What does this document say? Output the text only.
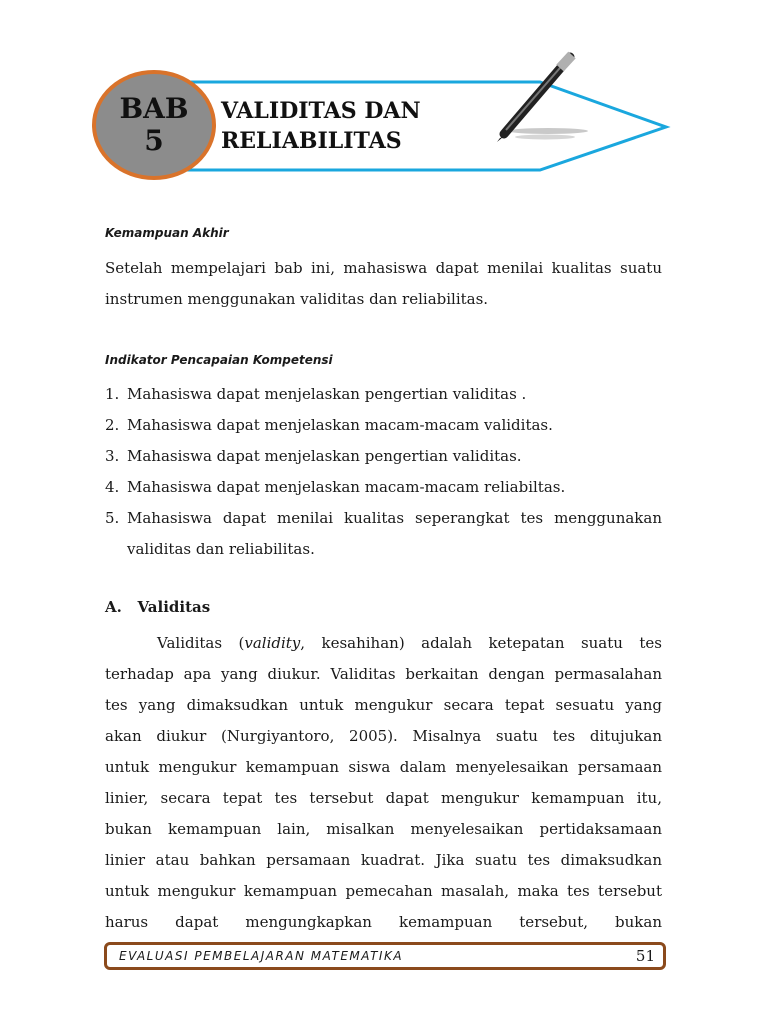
BAB
5
VALIDITAS DAN
RELIABILITAS
Kemampuan Akhir
Setelah mempelajari bab ini, mahasiswa dapat menilai kualitas suatu
instrumen menggunakan validitas dan reliabilitas.
Indikator Pencapaian Kompetensi
1. Mahasiswa dapat menjelaskan pengertian validitas .
2. Mahasiswa dapat menjelaskan macam-macam validitas.
3. Mahasiswa dapat menjelaskan pengertian validitas.
4. Mahasiswa dapat menjelaskan macam-macam reliabiltas.
5. Mahasiswa dapat menilai kualitas seperangkat tes menggunakan validitas dan reliabilitas.
A.   Validitas
Validitas (validity, kesahihan) adalah ketepatan suatu tes
terhadap apa yang diukur. Validitas berkaitan dengan permasalahan
tes yang dimaksudkan untuk mengukur secara tepat sesuatu yang
akan diukur (Nurgiyantoro, 2005). Misalnya suatu tes ditujukan
untuk mengukur kemampuan siswa dalam menyelesaikan persamaan
linier, secara tepat tes tersebut dapat mengukur kemampuan itu,
bukan kemampuan lain, misalkan menyelesaikan pertidaksamaan
linier atau bahkan persamaan kuadrat. Jika suatu tes dimaksudkan
untuk mengukur kemampuan pemecahan masalah, maka tes tersebut
harus dapat mengungkapkan kemampuan tersebut, bukan
EVALUASI PEMBELAJARAN MATEMATIKA	51
